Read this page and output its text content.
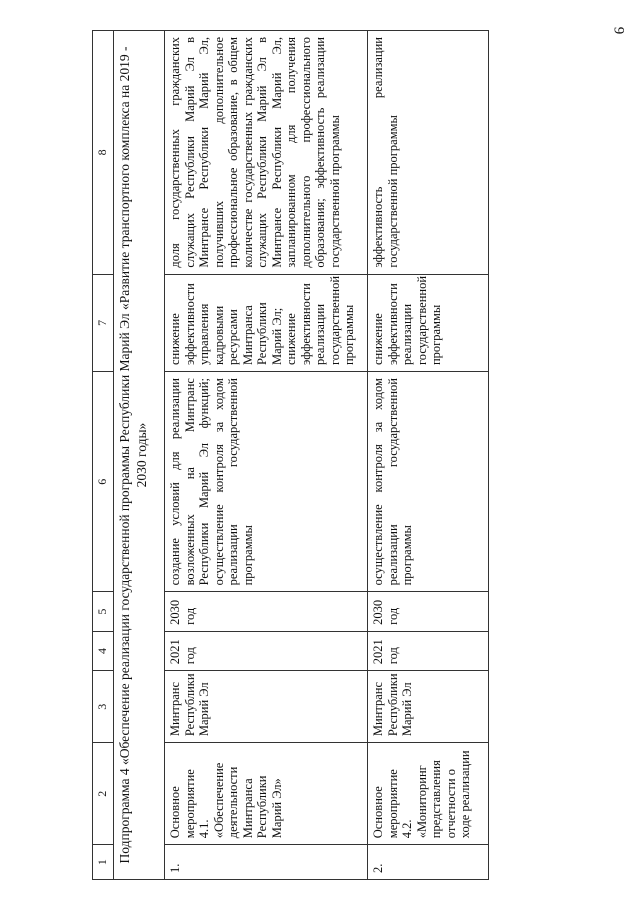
9
1	2	3	4	5	6	7	8
Подпрограмма 4 «Обеспечение реализации государственной программы Республики Марий Эл «Развитие транспортного комплекса на 2019 - 2030 годы»							
1.	Основное мероприятие 4.1. «Обеспечение деятельности Минтранса Республики Марий Эл»	Минтранс Республики Марий Эл	2021 год	2030 год	создание условий для реализации возложенных на Минтранс Республики Марий Эл функций; осуществление контроля за ходом реализации государственной программы	снижение эффективности управления кадровыми ресурсами Минтранса Республики Марий Эл; снижение эффективности реализации государственной программы	доля государственных гражданских служащих Республики Марий Эл в Минтрансе Республики Марий Эл, получивших дополнительное профессиональное образование, в общем количестве государственных гражданских служащих Республики Марий Эл в Минтрансе Республики Марий Эл, запланированном для получения дополнительного профессионального образования; эффективность реализации государственной программы
2.	Основное мероприятие 4.2. «Мониторинг представления отчетности о ходе реализации	Минтранс Республики Марий Эл	2021 год	2030 год	осуществление контроля за ходом реализации государственной программы	снижение эффективности реализации государственной программы	эффективность реализации государственной программы
